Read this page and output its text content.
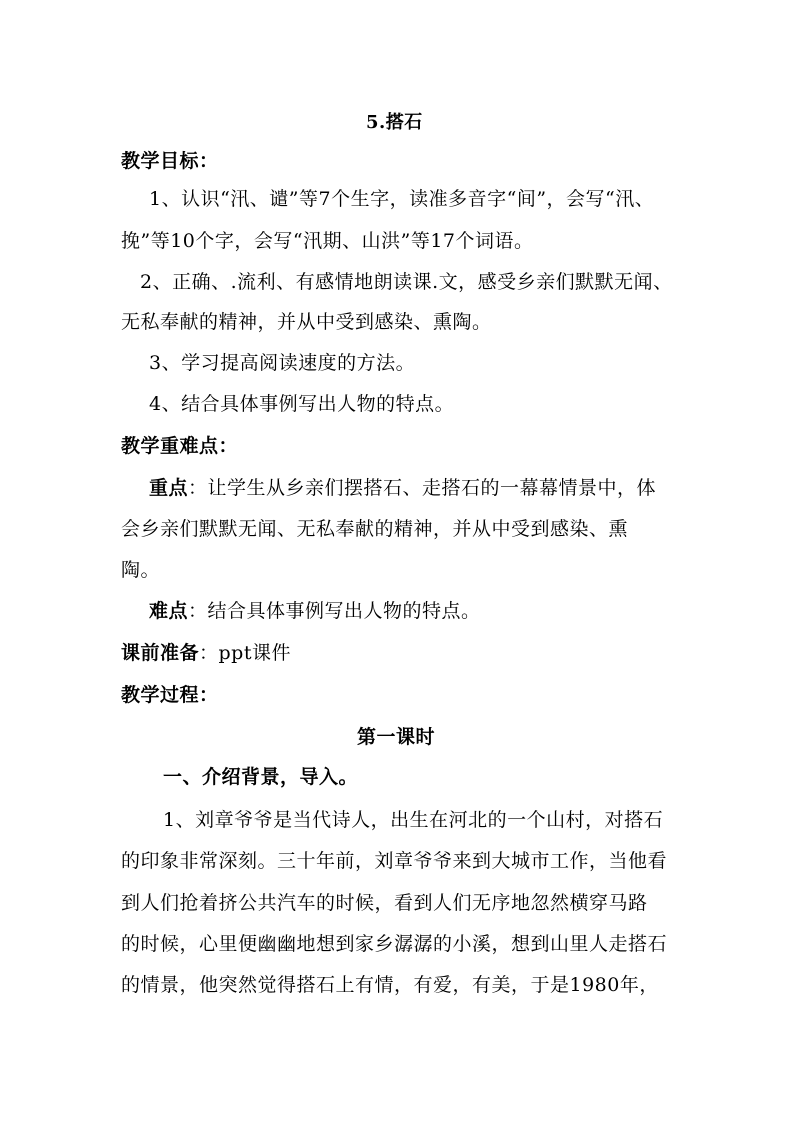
5.搭石
教学目标：
1、认识“汛、谴”等7个生字，读准多音字“间”，会写“汛、
挽”等10个字，会写“汛期、山洪”等17个词语。
2、正确、.流利、有感情地朗读课.文，感受乡亲们默默无闻、
无私奉献的精神，并从中受到感染、熏陶。
3、学习提高阅读速度的方法。
4、结合具体事例写出人物的特点。
教学重难点：
重点：让学生从乡亲们摆搭石、走搭石的一幕幕情景中，体
会乡亲们默默无闻、无私奉献的精神，并从中受到感染、熏
陶。
难点：结合具体事例写出人物的特点。
课前准备：ppt课件
教学过程：
第一课时
一、介绍背景，导入。
1、刘章爷爷是当代诗人，出生在河北的一个山村，对搭石
的印象非常深刻。三十年前，刘章爷爷来到大城市工作，当他看
到人们抢着挤公共汽车的时候，看到人们无序地忽然横穿马路
的时候，心里便幽幽地想到家乡潺潺的小溪，想到山里人走搭石
的情景，他突然觉得搭石上有情，有爱，有美，于是1980年，
